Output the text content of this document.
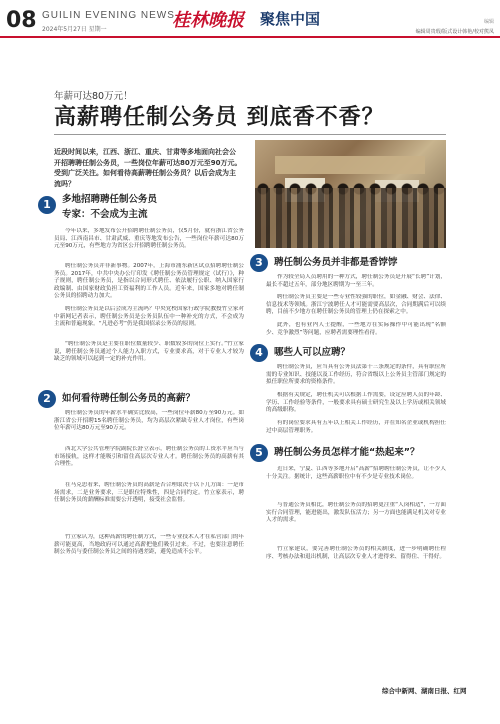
08 GUILIN EVENING NEWS
2024年5月27日 星期一	桂林晚报 聚焦中国	编辑
编辑周贵瑕/版式设计韩艳/校对熊凤
年薪可达80万元！
高薪聘任制公务员 到底香不香？
近段时间以来，江西、浙江、重庆、甘肃等多地面向社会公开招聘聘任制公务员，一些岗位年薪可达80万元至90万元。受到广泛关注。如何看待高薪聘任制公务员？以后会成为主流吗？
1	多地招聘聘任制公务员
专家：不会成为主流
今年以来，多地发布公开招聘聘任制公务员，仅5月份，就有浙江省公务员局、江西南昌市、甘肃武威、重庆等地发布公告，一些岗位年薪可达80万元至90万元，有些地方为省区公开招聘聘任制公务员。
聘任制公务员并非新事物。2007年，上海市浦东新区试点招聘聘任制公务员。2017年，中共中央办公厅印发《聘任制公务员管理规定（试行）》，种子规则，聘任制公务员，是指以合同形式聘任、依法履行公职、纳入国家行政编制、由国家财政负担工资福利的工作人员。近年来，国家多地对聘任制公务员的招聘动力加大。
聘任制公务员是以后会成为主流吗？中央党校国家行政学院教授竹立家对中新网记者表示，聘任制公务员是公务员队伍中一种补充的方式，不会成为主流和普遍现象。“凡进必考”仍是我国招录公务员的原则。
“聘任制公务员是主要在职位数量较少、职数较多的岗位上实行。”竹立家说，聘任制公务员通过个人能力入职方式，专业要求高，对于专业人才较为缺乏的领域可以起到一定的补充作用。
2	如何看待聘任制公务员的高薪？
聘任制公务员的年薪水平确实比较高，一些岗位年薪80万至90万元。如浙江省公开招聘15名聘任制公务员，均为高层次紧缺专业人才岗位，有些岗位年薪可达80万元至90万元。
西北大学公共管理学院副院长舒立表示，聘任制公务员的工资水平应当与市场接轨，这样才能吸引和留住高层次专业人才。聘任制公务员的高薪有其合理性。
在马克思看来，聘任制公务员的高薪是否合理取决于以下几方面：一是市场需求，二是业务要求，三是职位特殊性，四是合同约定。竹立家表示，聘任制公务员的薪酬标准需要公开透明，接受社会监督。
竹立家认为，这种高薪的聘任制方式，一些专业技术人才在私营部门的年薪可能更高，当地政府可以通过高薪把他们吸引过来。不过，也要注意聘任制公务员与委任制公务员之间的待遇差距，避免造成不公平。
3	聘任制公务员并非都是香饽饽
作为较全局人员聘用的一种方式，聘任制公务员是开展“长聘”计划，最长不超过五年，部分地区聘期为一至三年。
聘任制公务员主要是一些专业性较强的职位，如金融、财会、法律、信息技术等领域。浙江宁波聘任人才可能需要高层次，合同期满后可以续聘，目前不少地方在聘任制公务员的管理上仍在探索之中。
此外，也有业内人士提醒，一些地方在实际操作中可能出现“名额少、竞争激烈”等问题，应聘者需要理性看待。
4	哪些人可以应聘？
聘任制公务员，应当具有公务员法第十三条规定的条件，具有职位所需的专业知识、技能以及工作经历，符合省级以上公务员主管部门规定的拟任职位所要求的资格条件。
根据有关规定，聘任机关可以根据工作需要，设定应聘人员的年龄、学历、工作经验等条件，一般要求具有硕士研究生及以上学历或相关领域的高级职称。
有的岗位要求具有五年以上相关工作经历，并在知名企业或机构担任过中高层管理职务。
5	聘任制公务员怎样才能“热起来”？
近日来，宁夏、江西等多地开启“高薪”招聘聘任制公务员，让不少人十分关注。据统计，这些高薪职位中有不少是专业技术岗位。
与普通公务员相比，聘任制公务员的招聘更注重“人岗相适”，一方面实行合同管理，能进能出，激发队伍活力；另一方面也能满足机关对专业人才的需求。
竹立家建议，要完善聘任制公务员的相关制度，进一步明确聘任程序、考核办法和退出机制，让高层次专业人才进得来、留得住、干得好。
综合中新网、湖南日报、红网
